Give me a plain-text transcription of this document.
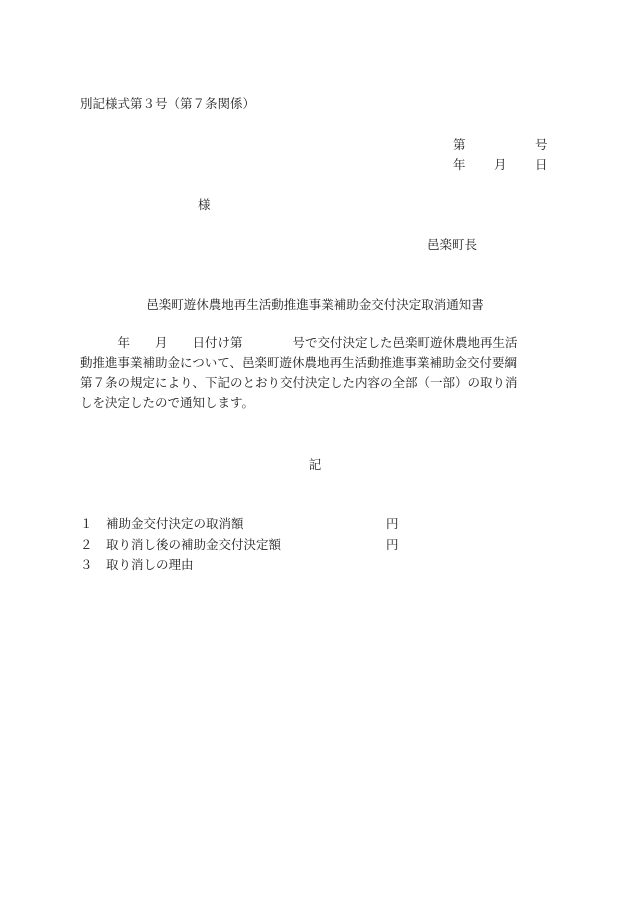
別記様式第３号（第７条関係）
第	号
年 月 日
様
邑楽町長
邑楽町遊休農地再生活動推進事業補助金交付決定取消通知書
　　　年　　月　　日付け第　　　　号で交付決定した邑楽町遊休農地再生活
動推進事業補助金について、邑楽町遊休農地再生活動推進事業補助金交付要綱
第７条の規定により、下記のとおり交付決定した内容の全部（一部）の取り消
しを決定したので通知します。
記
１ 補助金交付決定の取消額	円
２ 取り消し後の補助金交付決定額	円
３ 取り消しの理由
